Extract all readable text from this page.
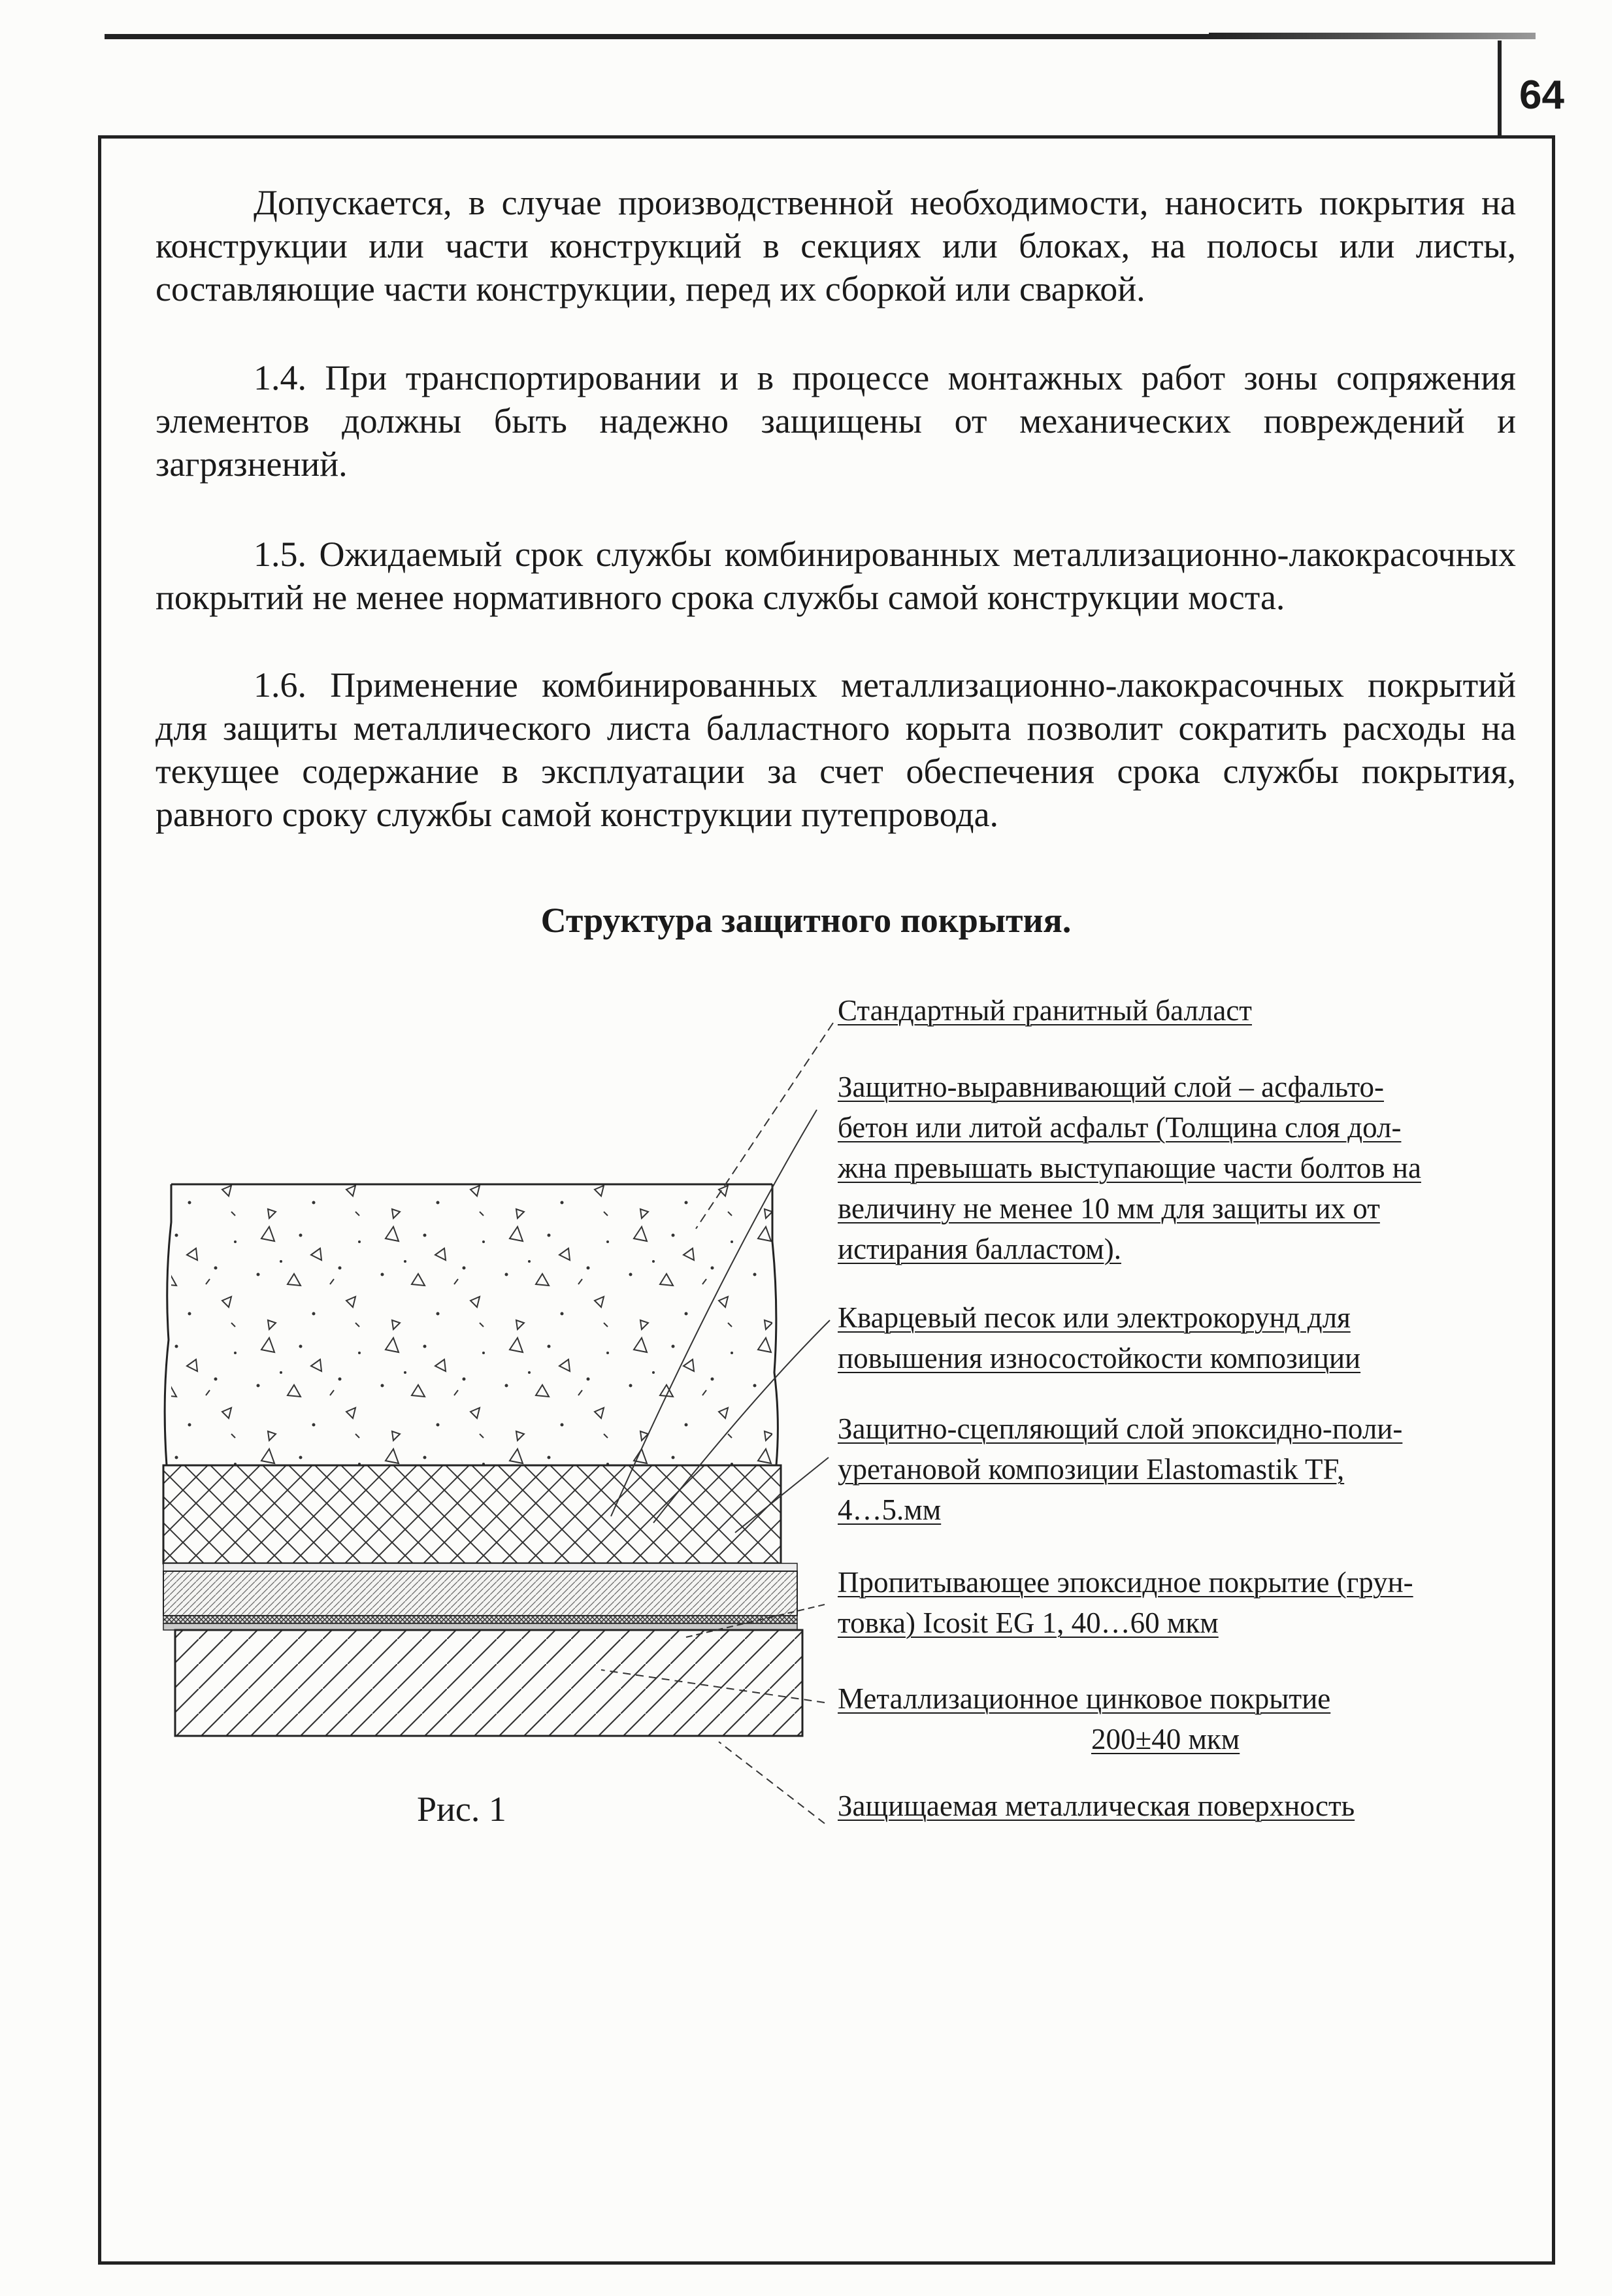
64

Допускается, в случае производственной необходимости, наносить покрытия на конструкции или части конструкций в секциях или блоках, на полосы или листы, составляющие части конструкции, перед их сборкой или сваркой.

1.4. При транспортировании и в процессе монтажных работ зоны сопряжения элементов должны быть надежно защищены от механических повреждений и загрязнений.

1.5. Ожидаемый срок службы комбинированных металлизационно-лакокрасочных покрытий не менее нормативного срока службы самой конструкции моста.

1.6. Применение комбинированных металлизационно-лакокрасочных покрытий для защиты металлического листа балластного корыта позволит сократить расходы на текущее содержание в эксплуатации за счет обеспечения срока службы покрытия, равного сроку службы самой конструкции путепровода.

Структура защитного покрытия.
Стандартный гранитный балласт
Защитно-выравнивающий слой – асфальто-
бетон или литой асфальт (Толщина слоя дол-
жна превышать выступающие части болтов на
величину не менее 10 мм для защиты их от
истирания балластом).
Кварцевый песок или электрокорунд для
повышения износостойкости композиции
Защитно-сцепляющий слой эпоксидно-поли-
уретановой композиции Elastomastik TF,
4…5.мм
Пропитывающее эпоксидное покрытие (грун-
товка) Icosit EG 1, 40…60 мкм
Металлизационное цинковое покрытие
200±40 мкм
Защищаемая металлическая поверхность
Рис. 1
